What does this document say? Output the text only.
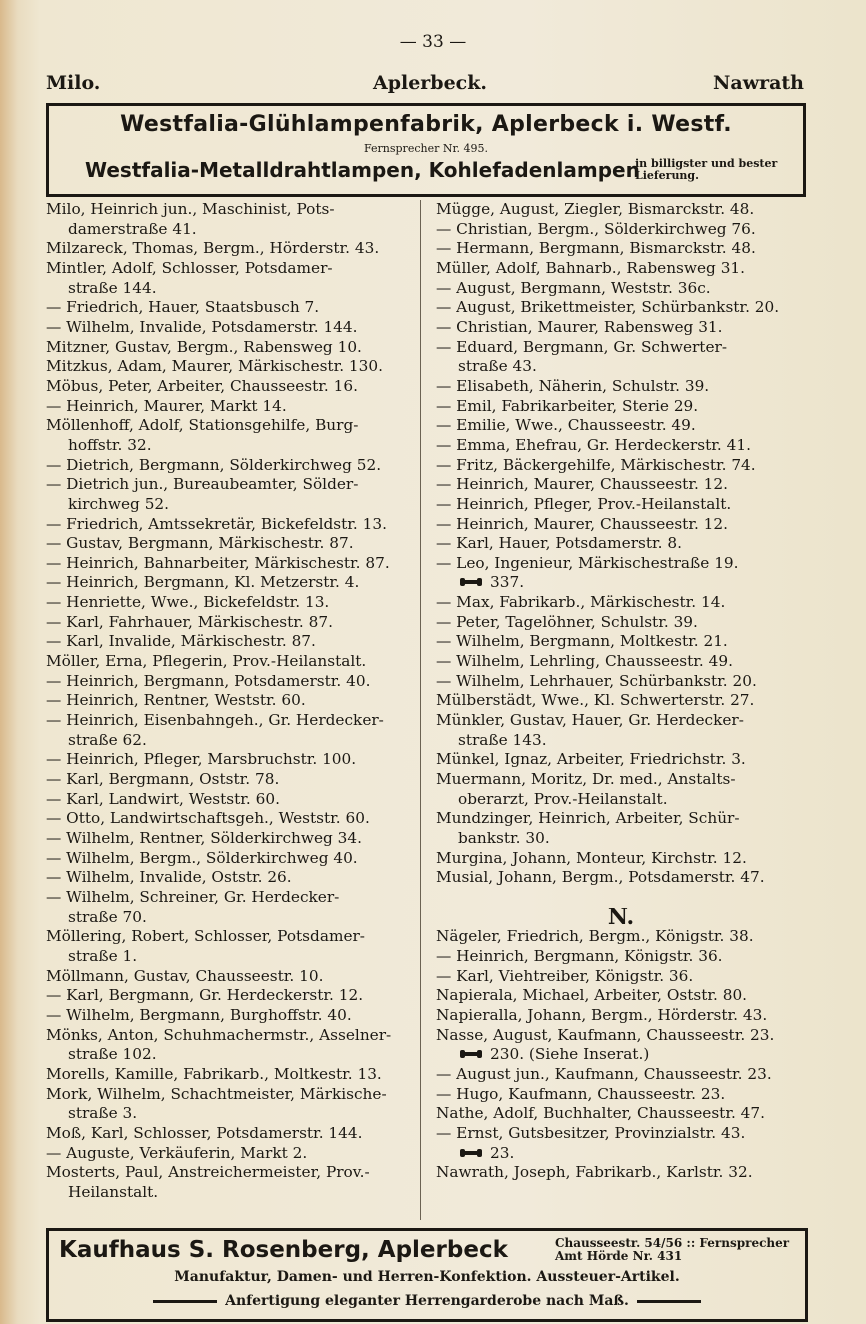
— 33 —
Milo.	Aplerbeck.	Nawrath
Westfalia-Glühlampenfabrik, Aplerbeck i. Westf.
Fernsprecher Nr. 495.
Westfalia-Metalldrahtlampen, Kohlefadenlampen
in billigster und bester Lieferung.
Milo, Heinrich jun., Maschinist, Pots-
damerstraße 41.
Milzareck, Thomas, Bergm., Hörderstr. 43.
Mintler, Adolf, Schlosser, Potsdamer-
straße 144.
— Friedrich, Hauer, Staatsbusch 7.
— Wilhelm, Invalide, Potsdamerstr. 144.
Mitzner, Gustav, Bergm., Rabensweg 10.
Mitzkus, Adam, Maurer, Märkischestr. 130.
Möbus, Peter, Arbeiter, Chausseestr. 16.
— Heinrich, Maurer, Markt 14.
Möllenhoff, Adolf, Stationsgehilfe, Burg-
hoffstr. 32.
— Dietrich, Bergmann, Sölderkirchweg 52.
— Dietrich jun., Bureaubeamter, Sölder-
kirchweg 52.
— Friedrich, Amtssekretär, Bickefeldstr. 13.
— Gustav, Bergmann, Märkischestr. 87.
— Heinrich, Bahnarbeiter, Märkischestr. 87.
— Heinrich, Bergmann, Kl. Metzerstr. 4.
— Henriette, Wwe., Bickefeldstr. 13.
— Karl, Fahrhauer, Märkischestr. 87.
— Karl, Invalide, Märkischestr. 87.
Möller, Erna, Pflegerin, Prov.-Heilanstalt.
— Heinrich, Bergmann, Potsdamerstr. 40.
— Heinrich, Rentner, Weststr. 60.
— Heinrich, Eisenbahngeh., Gr. Herdecker-
straße 62.
— Heinrich, Pfleger, Marsbruchstr. 100.
— Karl, Bergmann, Oststr. 78.
— Karl, Landwirt, Weststr. 60.
— Otto, Landwirtschaftsgeh., Weststr. 60.
— Wilhelm, Rentner, Sölderkirchweg 34.
— Wilhelm, Bergm., Sölderkirchweg 40.
— Wilhelm, Invalide, Oststr. 26.
— Wilhelm, Schreiner, Gr. Herdecker-
straße 70.
Möllering, Robert, Schlosser, Potsdamer-
straße 1.
Möllmann, Gustav, Chausseestr. 10.
— Karl, Bergmann, Gr. Herdeckerstr. 12.
— Wilhelm, Bergmann, Burghoffstr. 40.
Mönks, Anton, Schuhmachermstr., Asselner-
straße 102.
Morells, Kamille, Fabrikarb., Moltkestr. 13.
Mork, Wilhelm, Schachtmeister, Märkische-
straße 3.
Moß, Karl, Schlosser, Potsdamerstr. 144.
— Auguste, Verkäuferin, Markt 2.
Mosterts, Paul, Anstreichermeister, Prov.-
Heilanstalt.
Mügge, August, Ziegler, Bismarckstr. 48.
— Christian, Bergm., Sölderkirchweg 76.
— Hermann, Bergmann, Bismarckstr. 48.
Müller, Adolf, Bahnarb., Rabensweg 31.
— August, Bergmann, Weststr. 36c.
— August, Brikettmeister, Schürbankstr. 20.
— Christian, Maurer, Rabensweg 31.
— Eduard, Bergmann, Gr. Schwerter-
straße 43.
— Elisabeth, Näherin, Schulstr. 39.
— Emil, Fabrikarbeiter, Sterie 29.
— Emilie, Wwe., Chausseestr. 49.
— Emma, Ehefrau, Gr. Herdeckerstr. 41.
— Fritz, Bäckergehilfe, Märkischestr. 74.
— Heinrich, Maurer, Chausseestr. 12.
— Heinrich, Pfleger, Prov.-Heilanstalt.
— Heinrich, Maurer, Chausseestr. 12.
— Karl, Hauer, Potsdamerstr. 8.
— Leo, Ingenieur, Märkischestraße 19.
337.
— Max, Fabrikarb., Märkischestr. 14.
— Peter, Tagelöhner, Schulstr. 39.
— Wilhelm, Bergmann, Moltkestr. 21.
— Wilhelm, Lehrling, Chausseestr. 49.
— Wilhelm, Lehrhauer, Schürbankstr. 20.
Mülberstädt, Wwe., Kl. Schwerterstr. 27.
Münkler, Gustav, Hauer, Gr. Herdecker-
straße 143.
Münkel, Ignaz, Arbeiter, Friedrichstr. 3.
Muermann, Moritz, Dr. med., Anstalts-
oberarzt, Prov.-Heilanstalt.
Mundzinger, Heinrich, Arbeiter, Schür-
bankstr. 30.
Murgina, Johann, Monteur, Kirchstr. 12.
Musial, Johann, Bergm., Potsdamerstr. 47.

N.
Nägeler, Friedrich, Bergm., Königstr. 38.
— Heinrich, Bergmann, Königstr. 36.
— Karl, Viehtreiber, Königstr. 36.
Napierala, Michael, Arbeiter, Oststr. 80.
Napieralla, Johann, Bergm., Hörderstr. 43.
Nasse, August, Kaufmann, Chausseestr. 23.
230. (Siehe Inserat.)
— August jun., Kaufmann, Chausseestr. 23.
— Hugo, Kaufmann, Chausseestr. 23.
Nathe, Adolf, Buchhalter, Chausseestr. 47.
— Ernst, Gutsbesitzer, Provinzialstr. 43.
23.
Nawrath, Joseph, Fabrikarb., Karlstr. 32.
Kaufhaus S. Rosenberg, Aplerbeck	Chausseestr. 54/56 :: Fernsprecher Amt Hörde Nr. 431
Manufaktur, Damen- und Herren-Konfektion. Aussteuer-Artikel.
Anfertigung eleganter Herrengarderobe nach Maß.
